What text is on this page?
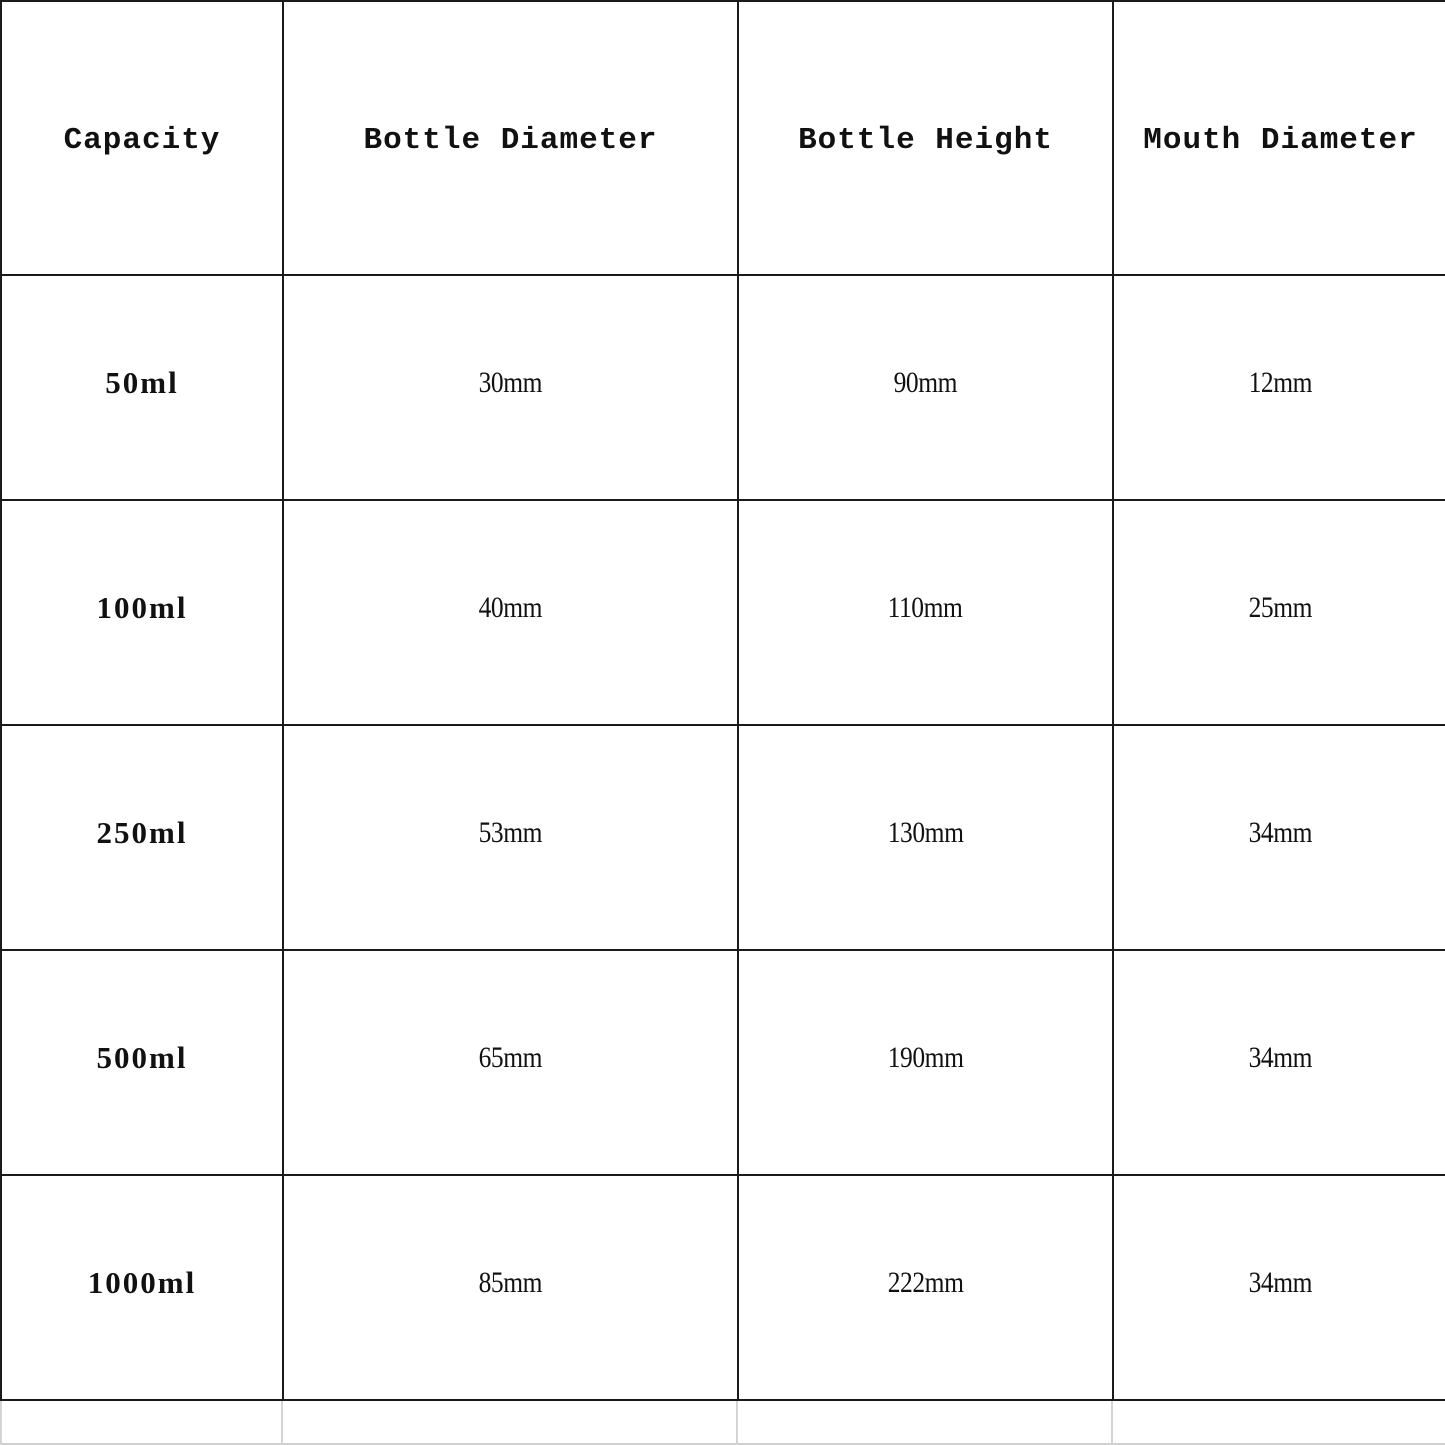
Capacity	Bottle Diameter	Bottle Height	Mouth Diameter
50ml	30mm	90mm	12mm
100ml	40mm	110mm	25mm
250ml	53mm	130mm	34mm
500ml	65mm	190mm	34mm
1000ml	85mm	222mm	34mm
